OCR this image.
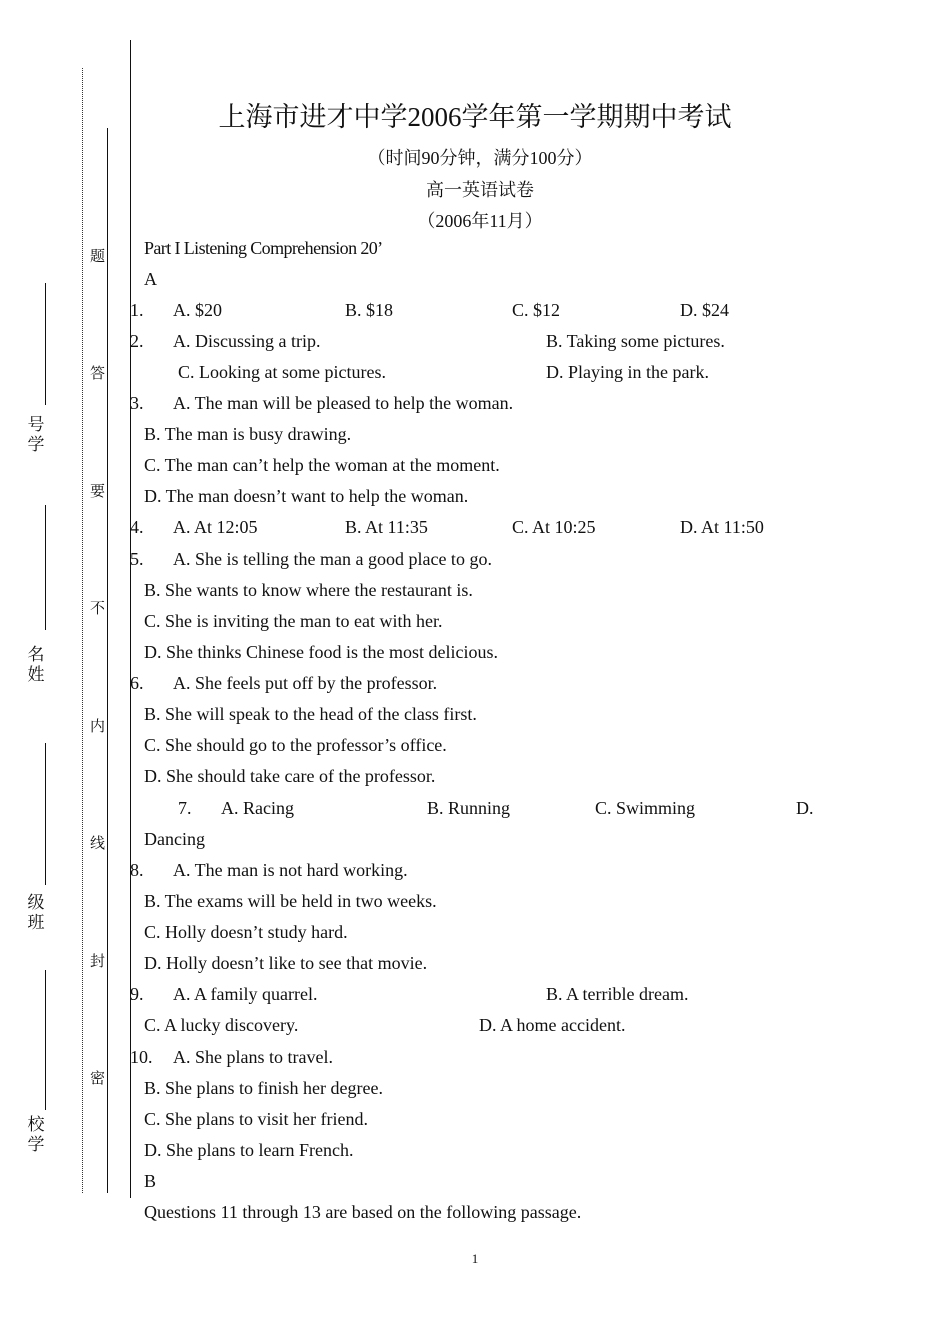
号学
名姓
级班
校学
题
答
要
不
内
线
封
密
上海市进才中学2006学年第一学期期中考试
（时间90分钟，满分100分）
高一英语试卷
（2006年11月）
Part I Listening Comprehension 20’
A
1. A. $20	B. $18	C. $12	D. $24
2. A. Discussing a trip.	B. Taking some pictures.
C. Looking at some pictures.	D. Playing in the park.
3. A. The man will be pleased to help the woman.
B. The man is busy drawing.
C. The man can’t help the woman at the moment.
D. The man doesn’t want to help the woman.
4. A. At 12:05	B. At 11:35	C. At 10:25	D. At 11:50
5. A. She is telling the man a good place to go.
B. She wants to know where the restaurant is.
C. She is inviting the man to eat with her.
D. She thinks Chinese food is the most delicious.
6. A. She feels put off by the professor.
B. She will speak to the head of the class first.
C. She should go to the professor’s office.
D. She should take care of the professor.
7. A. Racing	B. Running	C. Swimming	D.
Dancing
8. A. The man is not hard working.
B. The exams will be held in two weeks.
C. Holly doesn’t study hard.
D. Holly doesn’t like to see that movie.
9. A. A family quarrel.	B. A terrible dream.
C. A lucky discovery.	D. A home accident.
10. A. She plans to travel.
B. She plans to finish her degree.
C. She plans to visit her friend.
D. She plans to learn French.
B
Questions 11 through 13 are based on the following passage.
1
